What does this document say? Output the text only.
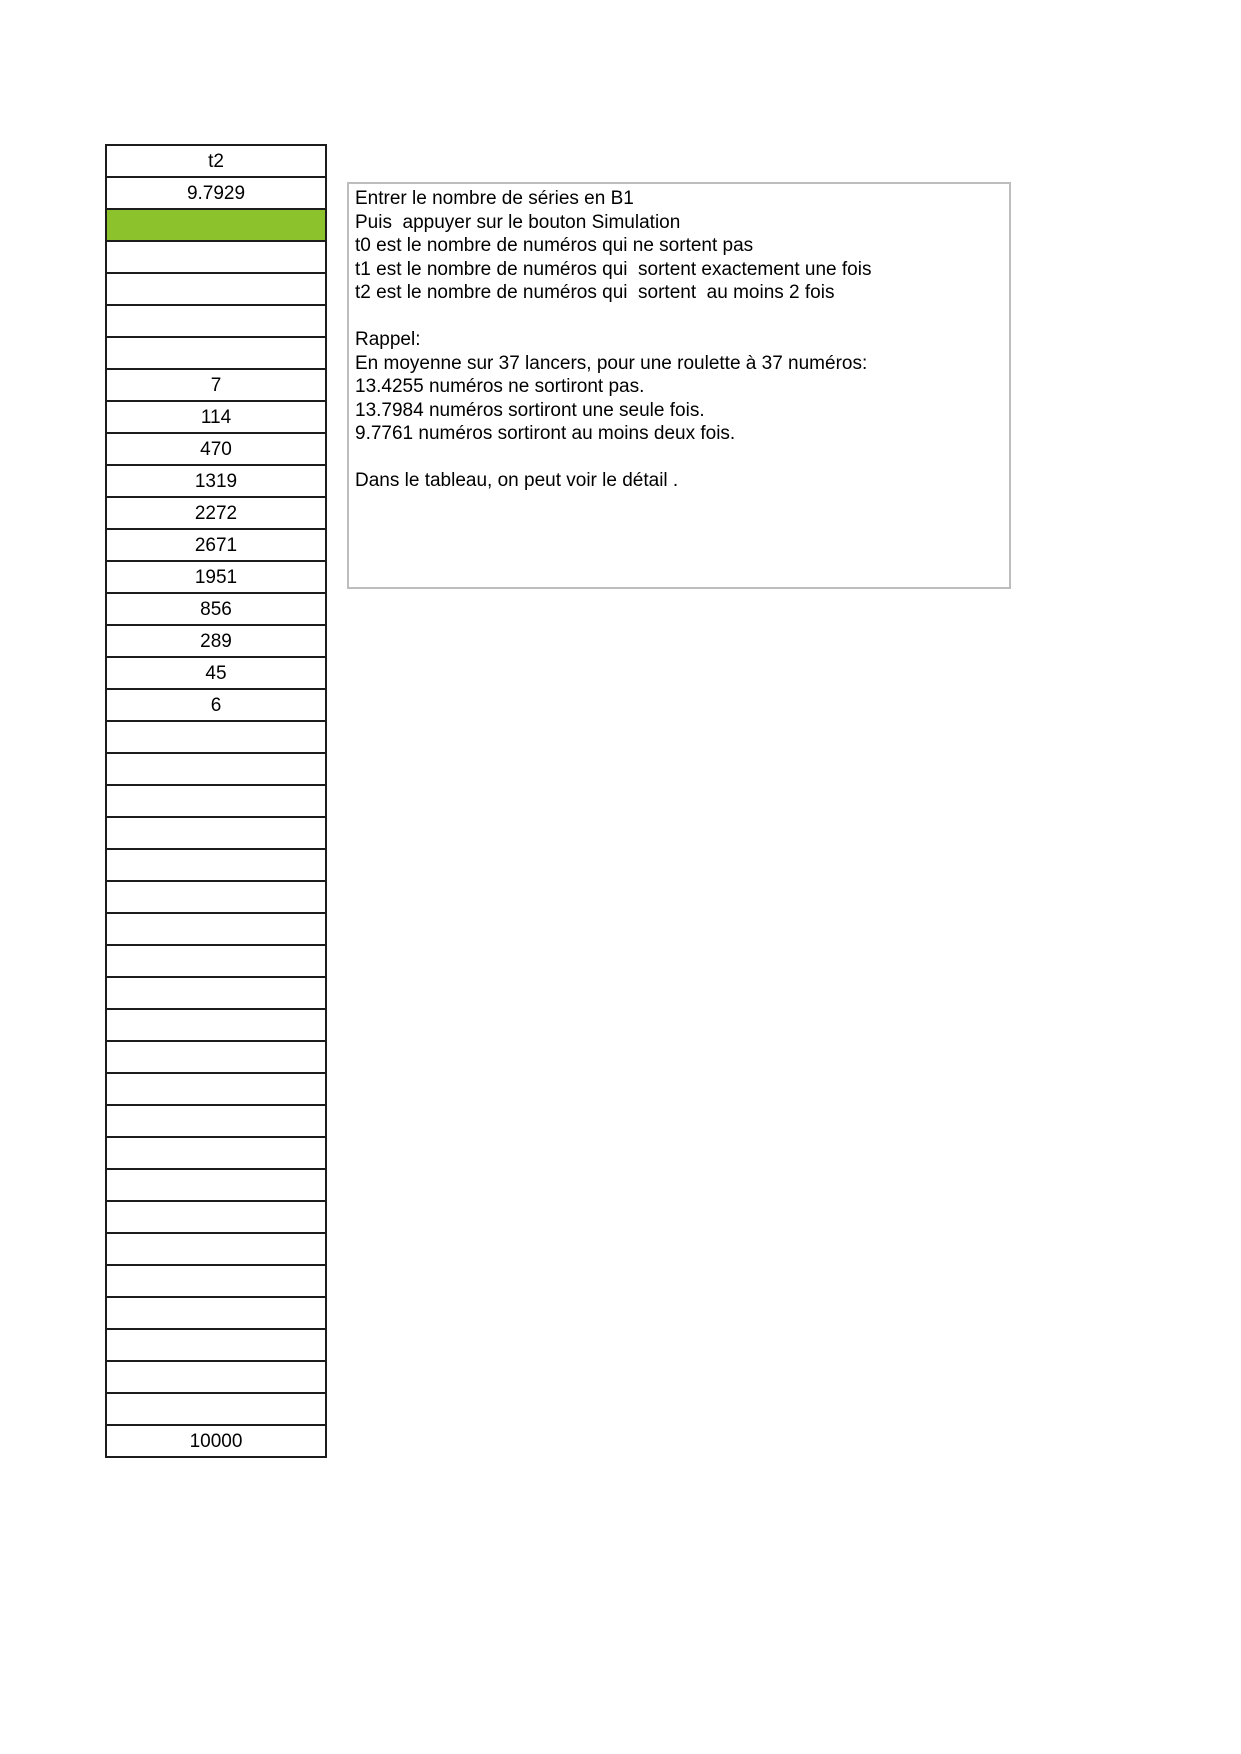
t2
9.7929
7
114
470
1319
2272
2671
1951
856
289
45
6
10000
Entrer le nombre de séries en B1
Puis  appuyer sur le bouton Simulation
t0 est le nombre de numéros qui ne sortent pas
t1 est le nombre de numéros qui  sortent exactement une fois
t2 est le nombre de numéros qui  sortent  au moins 2 fois
Rappel:
En moyenne sur 37 lancers, pour une roulette à 37 numéros:
13.4255 numéros ne sortiront pas.
13.7984 numéros sortiront une seule fois.
9.7761 numéros sortiront au moins deux fois.
Dans le tableau, on peut voir le détail .
